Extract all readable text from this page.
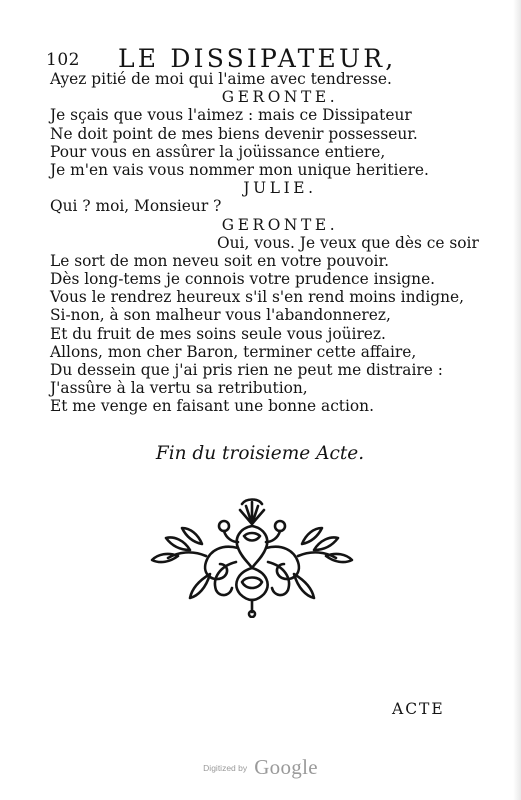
102 LE DISSIPATEUR,
Ayez pitié de moi qui l'aime avec tendresse.
GERONTE.
Je sçais que vous l'aimez : mais ce Dissipateur
Ne doit point de mes biens devenir possesseur.
Pour vous en assûrer la joüissance entiere,
Je m'en vais vous nommer mon unique heritiere.
JULIE.
Qui ? moi, Monsieur ?
GERONTE.
Oui, vous. Je veux que dès ce soir
Le sort de mon neveu soit en votre pouvoir.
Dès long-tems je connois votre prudence insigne.
Vous le rendrez heureux s'il s'en rend moins indigne,
Si-non, à son malheur vous l'abandonnerez,
Et du fruit de mes soins seule vous joüirez.
Allons, mon cher Baron, terminer cette affaire,
Du dessein que j'ai pris rien ne peut me distraire :
J'assûre à la vertu sa retribution,
Et me venge en faisant une bonne action.
Fin du troisieme Acte.
ACTE
Digitized by Google
